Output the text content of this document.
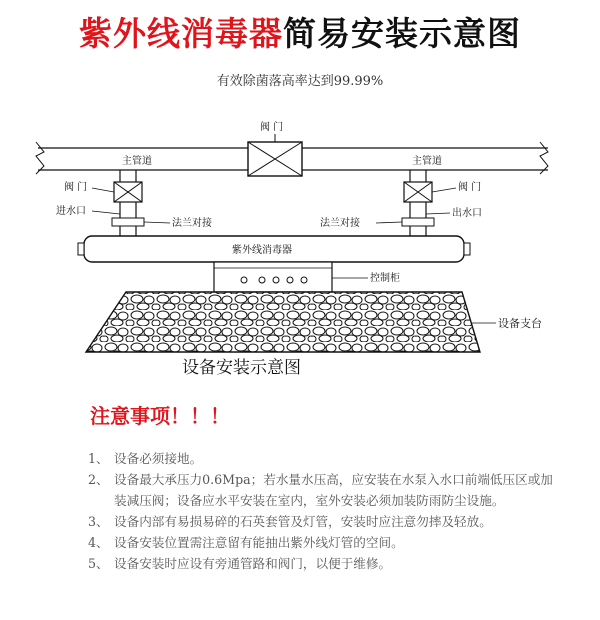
紫外线消毒器简易安装示意图
有效除菌落高率达到99.99%
阀 门
主管道	主管道
阀 门	阀 门
进水口	出水口
法兰对接	法兰对接
紫外线消毒器
控制柜
设备支台
设备安装示意图
注意事项！！！
1、 设备必须接地。
2、 设备最大承压力0.6Mpa；若水量水压高，应安装在水泵入水口前端低压区或加装减压阀；设备应水平安装在室内，室外安装必须加装防雨防尘设施。
3、 设备内部有易损易碎的石英套管及灯管，安装时应注意勿摔及轻放。
4、 设备安装位置需注意留有能抽出紫外线灯管的空间。
5、 设备安装时应设有旁通管路和阀门，以便于维修。
